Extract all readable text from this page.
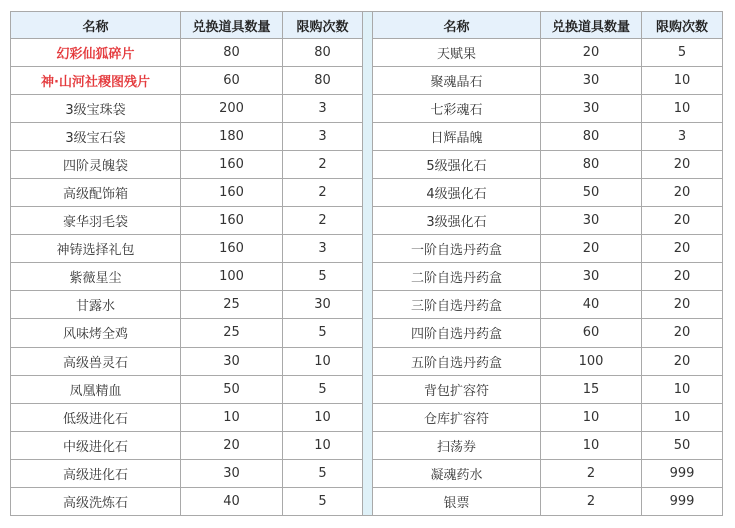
名称	兑换道具数量	限购次数
幻彩仙狐碎片	80	80
神·山河社稷图残片	60	80
3级宝珠袋	200	3
3级宝石袋	180	3
四阶灵魄袋	160	2
高级配饰箱	160	2
豪华羽毛袋	160	2
神铸选择礼包	160	3
紫薇星尘	100	5
甘露水	25	30
风味烤全鸡	25	5
高级兽灵石	30	10
凤凰精血	50	5
低级进化石	10	10
中级进化石	20	10
高级进化石	30	5
高级洗炼石	40	5
名称	兑换道具数量	限购次数
天赋果	20	5
聚魂晶石	30	10
七彩魂石	30	10
日辉晶魄	80	3
5级强化石	80	20
4级强化石	50	20
3级强化石	30	20
一阶自选丹药盒	20	20
二阶自选丹药盒	30	20
三阶自选丹药盒	40	20
四阶自选丹药盒	60	20
五阶自选丹药盒	100	20
背包扩容符	15	10
仓库扩容符	10	10
扫荡券	10	50
凝魂药水	2	999
银票	2	999
